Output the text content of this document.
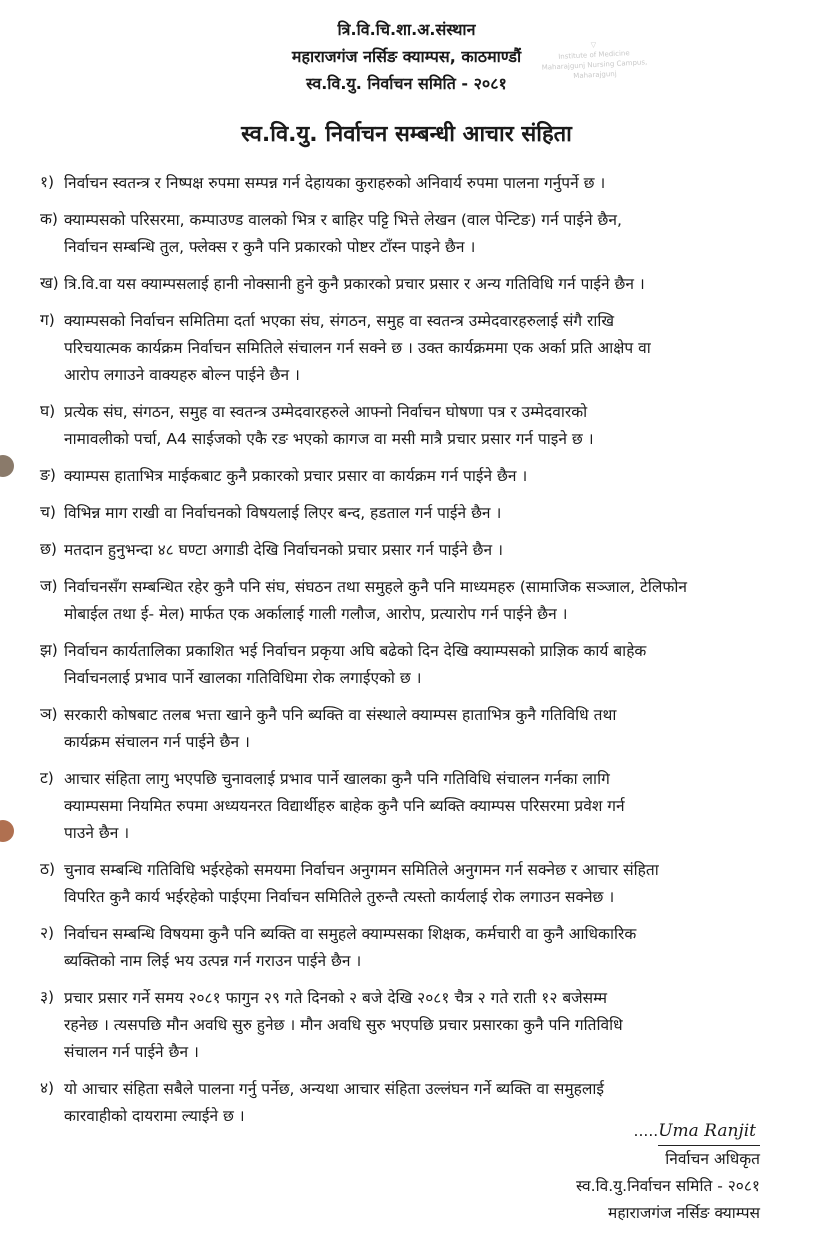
त्रि.वि.चि.शा.अ.संस्थान
महाराजगंज नर्सिङ क्याम्पस, काठमाण्डौं
स्व.वि.यु. निर्वाचन समिति - २०८१
▽
Institute of Medicine
Maharajgunj Nursing Campus, Maharajgunj
स्व.वि.यु. निर्वाचन सम्बन्धी आचार संहिता
१) निर्वाचन स्वतन्त्र र निष्पक्ष रुपमा सम्पन्न गर्न देहायका कुराहरुको अनिवार्य रुपमा पालना गर्नुपर्ने छ ।
क) क्याम्पसको परिसरमा, कम्पाउण्ड वालको भित्र र बाहिर पट्टि भित्ते लेखन (वाल पेन्टिङ) गर्न पाईने छैन,
निर्वाचन सम्बन्धि तुल, फ्लेक्स र कुनै पनि प्रकारको पोष्टर टाँस्न पाइने छैन ।
ख) त्रि.वि.वा यस क्याम्पसलाई हानी नोक्सानी हुने कुनै प्रकारको प्रचार प्रसार र अन्य गतिविधि गर्न पाईने छैन ।
ग) क्याम्पसको निर्वाचन समितिमा दर्ता भएका संघ, संगठन, समुह वा स्वतन्त्र उम्मेदवारहरुलाई संगै राखि
परिचयात्मक कार्यक्रम निर्वाचन समितिले संचालन गर्न सक्ने छ । उक्त कार्यक्रममा एक अर्का प्रति आक्षेप वा
आरोप लगाउने वाक्यहरु बोल्न पाईने छैन ।
घ) प्रत्येक संघ, संगठन, समुह वा स्वतन्त्र उम्मेदवारहरुले आफ्नो निर्वाचन घोषणा पत्र र उम्मेदवारको
नामावलीको पर्चा, A4 साईजको एकै रङ भएको कागज वा मसी मात्रै प्रचार प्रसार गर्न पाइने छ ।
ङ) क्याम्पस हाताभित्र माईकबाट कुनै प्रकारको प्रचार प्रसार वा कार्यक्रम गर्न पाईने छैन ।
च) विभिन्न माग राखी वा निर्वाचनको विषयलाई लिएर बन्द, हडताल गर्न पाईने छैन ।
छ) मतदान हुनुभन्दा ४८ घण्टा अगाडी देखि निर्वाचनको प्रचार प्रसार गर्न पाईने छैन ।
ज) निर्वाचनसँग सम्बन्धित रहेर कुनै पनि संघ, संघठन तथा समुहले कुनै पनि माध्यमहरु (सामाजिक सञ्जाल, टेलिफोन
मोबाईल तथा ई- मेल) मार्फत एक अर्कालाई गाली गलौज, आरोप, प्रत्यारोप गर्न पाईने छैन ।
झ) निर्वाचन कार्यतालिका प्रकाशित भई निर्वाचन प्रकृया अघि बढेको दिन देखि क्याम्पसको प्राज्ञिक कार्य बाहेक
निर्वाचनलाई प्रभाव पार्ने खालका गतिविधिमा रोक लगाईएको छ ।
ञ) सरकारी कोषबाट तलब भत्ता खाने कुनै पनि ब्यक्ति वा संस्थाले क्याम्पस हाताभित्र कुनै गतिविधि तथा
कार्यक्रम संचालन गर्न पाईने छैन ।
ट) आचार संहिता लागु भएपछि चुनावलाई प्रभाव पार्ने खालका कुनै पनि गतिविधि संचालन गर्नका लागि
क्याम्पसमा नियमित रुपमा अध्ययनरत विद्यार्थीहरु बाहेक कुनै पनि ब्यक्ति क्याम्पस परिसरमा प्रवेश गर्न
पाउने छैन ।
ठ) चुनाव सम्बन्धि गतिविधि भईरहेको समयमा निर्वाचन अनुगमन समितिले अनुगमन गर्न सक्नेछ र आचार संहिता
विपरित कुनै कार्य भईरहेको पाईएमा निर्वाचन समितिले तुरुन्तै त्यस्तो कार्यलाई रोक लगाउन सक्नेछ ।
२) निर्वाचन सम्बन्धि विषयमा कुनै पनि ब्यक्ति वा समुहले क्याम्पसका शिक्षक, कर्मचारी वा कुनै आधिकारिक
ब्यक्तिको नाम लिई भय उत्पन्न गर्न गराउन पाईने छैन ।
३) प्रचार प्रसार गर्ने समय २०८१ फागुन २९ गते दिनको २ बजे देखि २०८१ चैत्र २ गते राती १२ बजेसम्म
रहनेछ । त्यसपछि मौन अवधि सुरु हुनेछ । मौन अवधि सुरु भएपछि प्रचार प्रसारका कुनै पनि गतिविधि
संचालन गर्न पाईने छैन ।
४) यो आचार संहिता सबैले पालना गर्नु पर्नेछ, अन्यथा आचार संहिता उल्लंघन गर्ने ब्यक्ति वा समुहलाई
कारवाहीको दायरामा ल्याईने छ ।
.....Uma Ranjit
निर्वाचन अधिकृत
स्व.वि.यु.निर्वाचन समिति - २०८१
महाराजगंज नर्सिङ क्याम्पस
